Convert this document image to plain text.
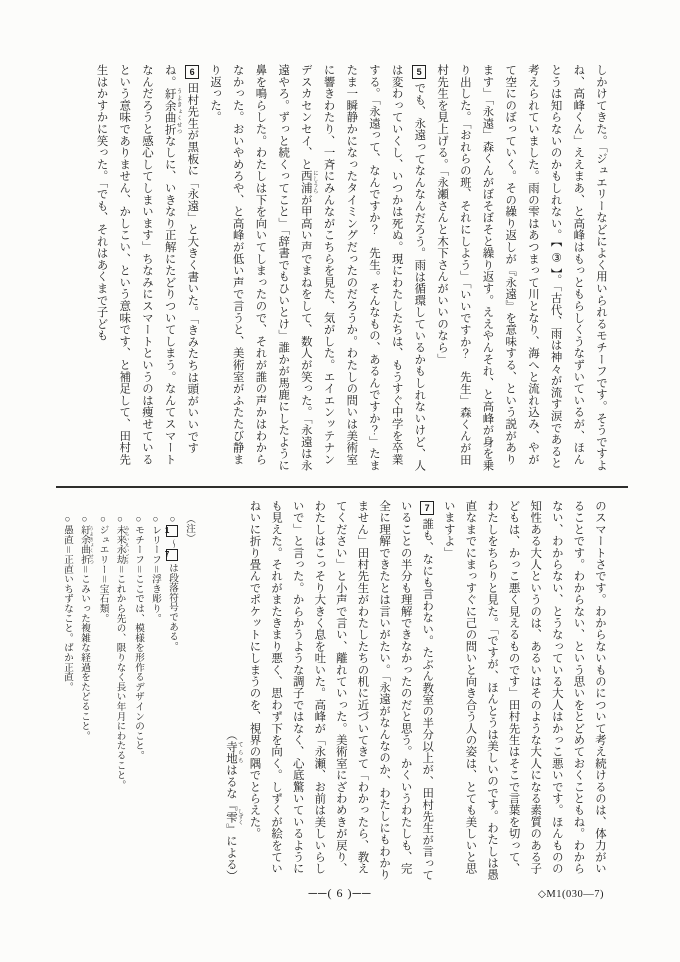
しかけてきた。「ジュエリーなどによく用いられるモチーフです。そうですよね、高峰くん」ええまあ、と高峰はもっともらしくうなずいているが、ほんとうは知らないのかもしれない。【 ③ 】。「古代、雨は神々が流す涙であると考えられていました。雨の雫はあつまって川となり、海へと流れ込み、やがて空にのぼっていく。その繰り返しが『永遠』を意味する、という説があります」「永遠」森くんがぼそぼそと繰り返す。ええやんそれ、と高峰が身を乗り出した。「おれらの班、それにしよう」「いいですか？　先生」森くんが田村先生を見上げる。「永瀬さんと木下さんがいいのなら」

5でも、永遠ってなんなんだろう。雨は循環しているかもしれないけど、人は変わっていくし、いつかは死ぬ。現にわたしたちは、もうすぐ中学を卒業する。「永遠って、なんですか？　先生。そんなもの、あるんですか？」たまたま一瞬静かになったタイミングだったのだろうか。わたしの問いは美術室に響きわたり、一斉にみんながこちらを見た、気がした。エイエンッテナンデスカセンセイ、と西浦 にしうらが甲高い声でまねをして、数人が笑った。「永遠は永遠やろ。ずっと続くってこと」「辞書でもひいとけ」誰かが馬鹿にしたように鼻を鳴らした。わたしは下を向いてしまったので、それが誰の声かはわからなかった。おいやめろや、と高峰が低い声で言うと、美術室がふたたび静まり返った。

6田村先生が黒板に「永遠」と大きく書いた。「きみたちは頭がいいですね。紆余曲折 うよきょくせつなしに、いきなり正解にたどりついてしまう。なんてスマートなんだろうと感心してしまいます」ちなみにスマートというのは痩せているという意味でありません、かしこい、という意味です、と補足して、田村先生はかすかに笑った。「でも、それはあくまで子ども

のスマートさです。わからないものについて考え続けるのは、体力がいることです。わからない、という思いをとどめておくこともね。わからない、わからない、とうなっている大人はかっこ悪いです。ほんものの知性ある大人というのは、あるいはそのような大人になる素質のある子どもは、かっこ悪く見えるものです」田村先生はそこで言葉を切って、わたしをちらりと見た。「ですが、ほんとうは美しいのです。わたしは愚直なまでにまっすぐに己の問いと向き合う人の姿は、とても美しいと思いますよ」

7誰も、なにも言わない。たぶん教室の半分以上が、田村先生が言っていることの半分も理解できなかったのだと思う。かくいうわたしも、完全に理解できたとは言いがたい。「永遠がなんなのか、わたしにもわかりません」田村先生がわたしたちの机に近づいてきて「わかったら、教えてください」と小声で言い、離れていった。美術室にざわめきが戻り、わたしはこっそり大きく息を吐いた。高峰が「永瀬、お前は美しいらしいで」と言った。からかうような調子ではなく、心底驚いているようにも見えた。それがまたきまり悪く、思わず下を向く。しずくが絵をていねいに折り畳んでポケットにしまうのを、視界の隅でとらえた。

（寺地 てらちはるな『雫 しずく』による）

（注）

○1～7は段落符号である。

○レリーフ＝浮き彫り。

○モチーフ＝ここでは、模様を形作るデザインのこと。

○未来永劫 みらいえいごう＝これから先の、限りなく長い年月にわたること。

○ジュエリー＝宝石類。

○紆余曲折 うよきょくせつ＝こみいった複雑な経過をたどること。

○愚直＝正直いちずなこと。ばか正直。

──( 6 )──	◇M1(030—7)
